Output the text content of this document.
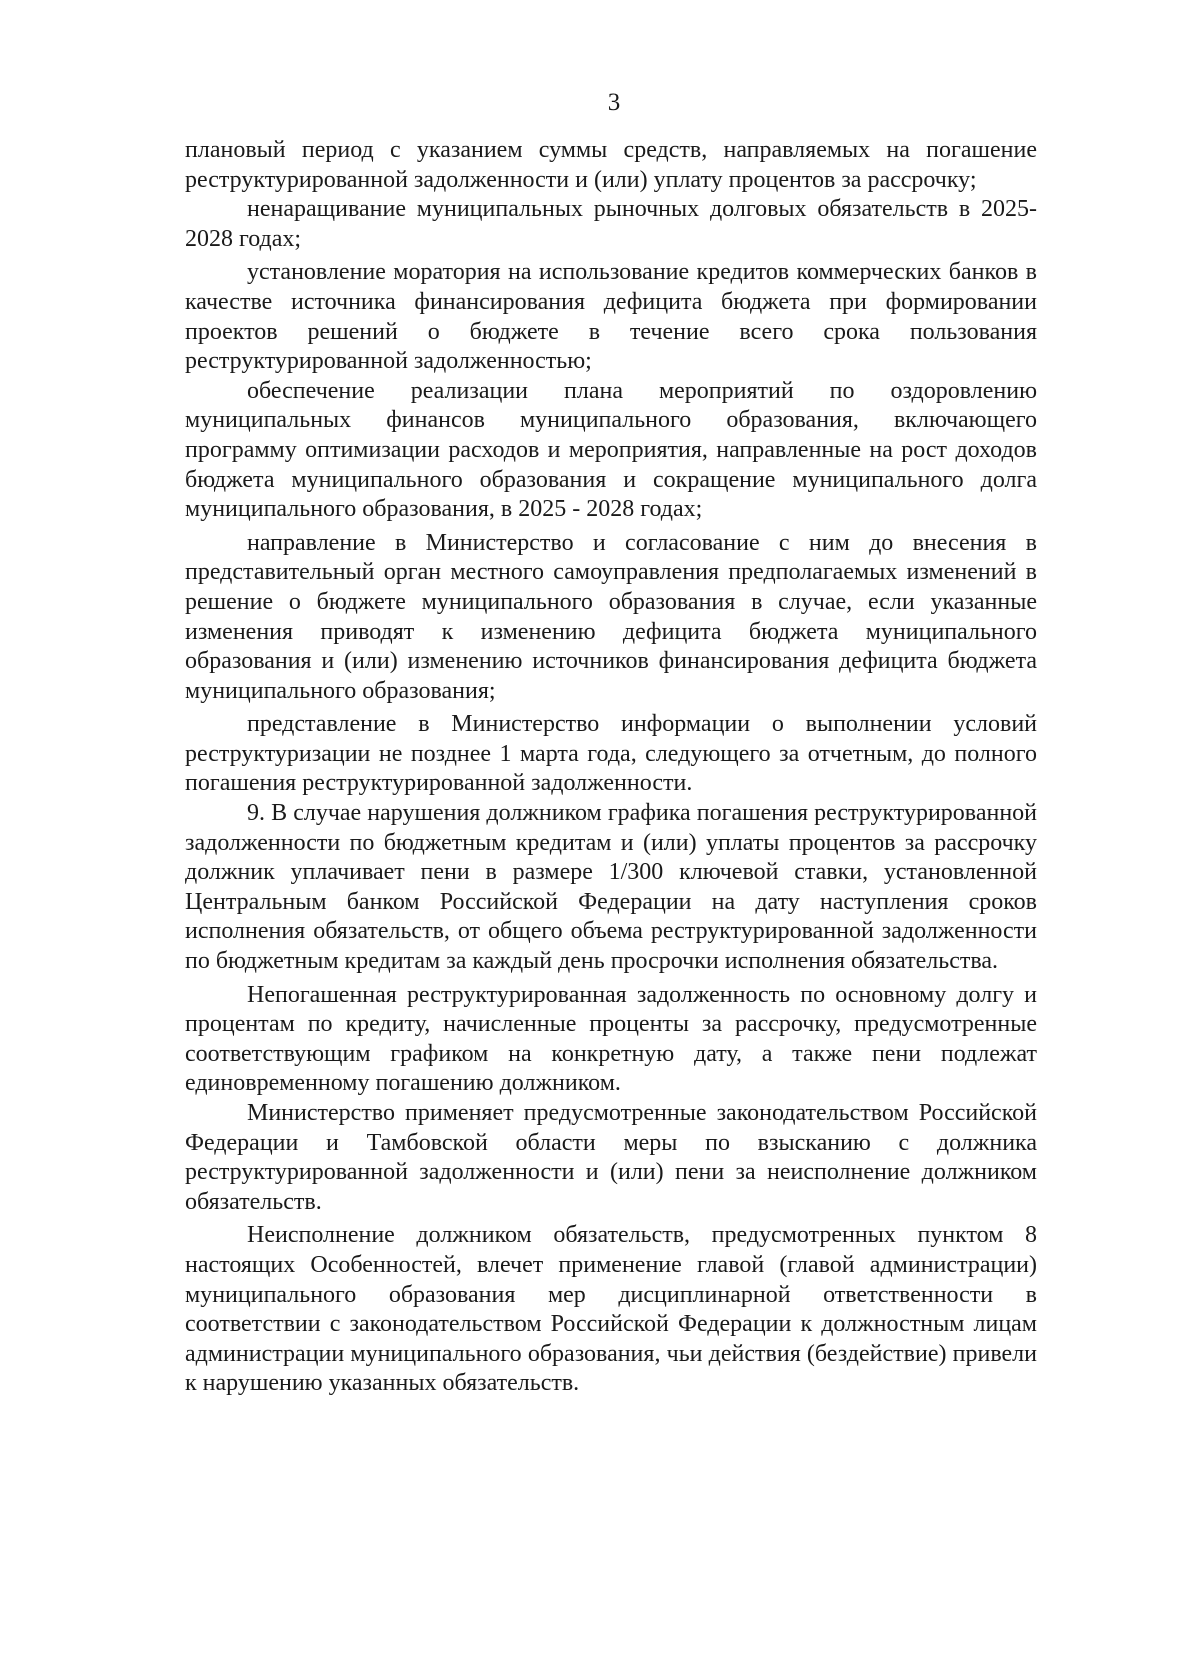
3

плановый период с указанием суммы средств, направляемых на погашение реструктурированной задолженности и (или) уплату процентов за рассрочку;

ненаращивание муниципальных рыночных долговых обязательств в 2025-2028 годах;

установление моратория на использование кредитов коммерческих банков в качестве источника финансирования дефицита бюджета при формировании проектов решений о бюджете в течение всего срока пользования реструктурированной задолженностью;

обеспечение реализации плана мероприятий по оздоровлению муниципальных финансов муниципального образования, включающего программу оптимизации расходов и мероприятия, направленные на рост доходов бюджета муниципального образования и сокращение муниципального долга муниципального образования, в 2025 - 2028 годах;

направление в Министерство и согласование с ним до внесения в представительный орган местного самоуправления предполагаемых изменений в решение о бюджете муниципального образования в случае, если указанные изменения приводят к изменению дефицита бюджета муниципального образования и (или) изменению источников финансирования дефицита бюджета муниципального образования;

представление в Министерство информации о выполнении условий реструктуризации не позднее 1 марта года, следующего за отчетным, до полного погашения реструктурированной задолженности.

9. В случае нарушения должником графика погашения реструктурированной задолженности по бюджетным кредитам и (или) уплаты процентов за рассрочку должник уплачивает пени в размере 1/300 ключевой ставки, установленной Центральным банком Российской Федерации на дату наступления сроков исполнения обязательств, от общего объема реструктурированной задолженности по бюджетным кредитам за каждый день просрочки исполнения обязательства.

Непогашенная реструктурированная задолженность по основному долгу и процентам по кредиту, начисленные проценты за рассрочку, предусмотренные соответствующим графиком на конкретную дату, а также пени подлежат единовременному погашению должником.

Министерство применяет предусмотренные законодательством Российской Федерации и Тамбовской области меры по взысканию с должника реструктурированной задолженности и (или) пени за неисполнение должником обязательств.

Неисполнение должником обязательств, предусмотренных пунктом 8 настоящих Особенностей, влечет применение главой (главой администрации) муниципального образования мер дисциплинарной ответственности в соответствии с законодательством Российской Федерации к должностным лицам администрации муниципального образования, чьи действия (бездействие) привели к нарушению указанных обязательств.
